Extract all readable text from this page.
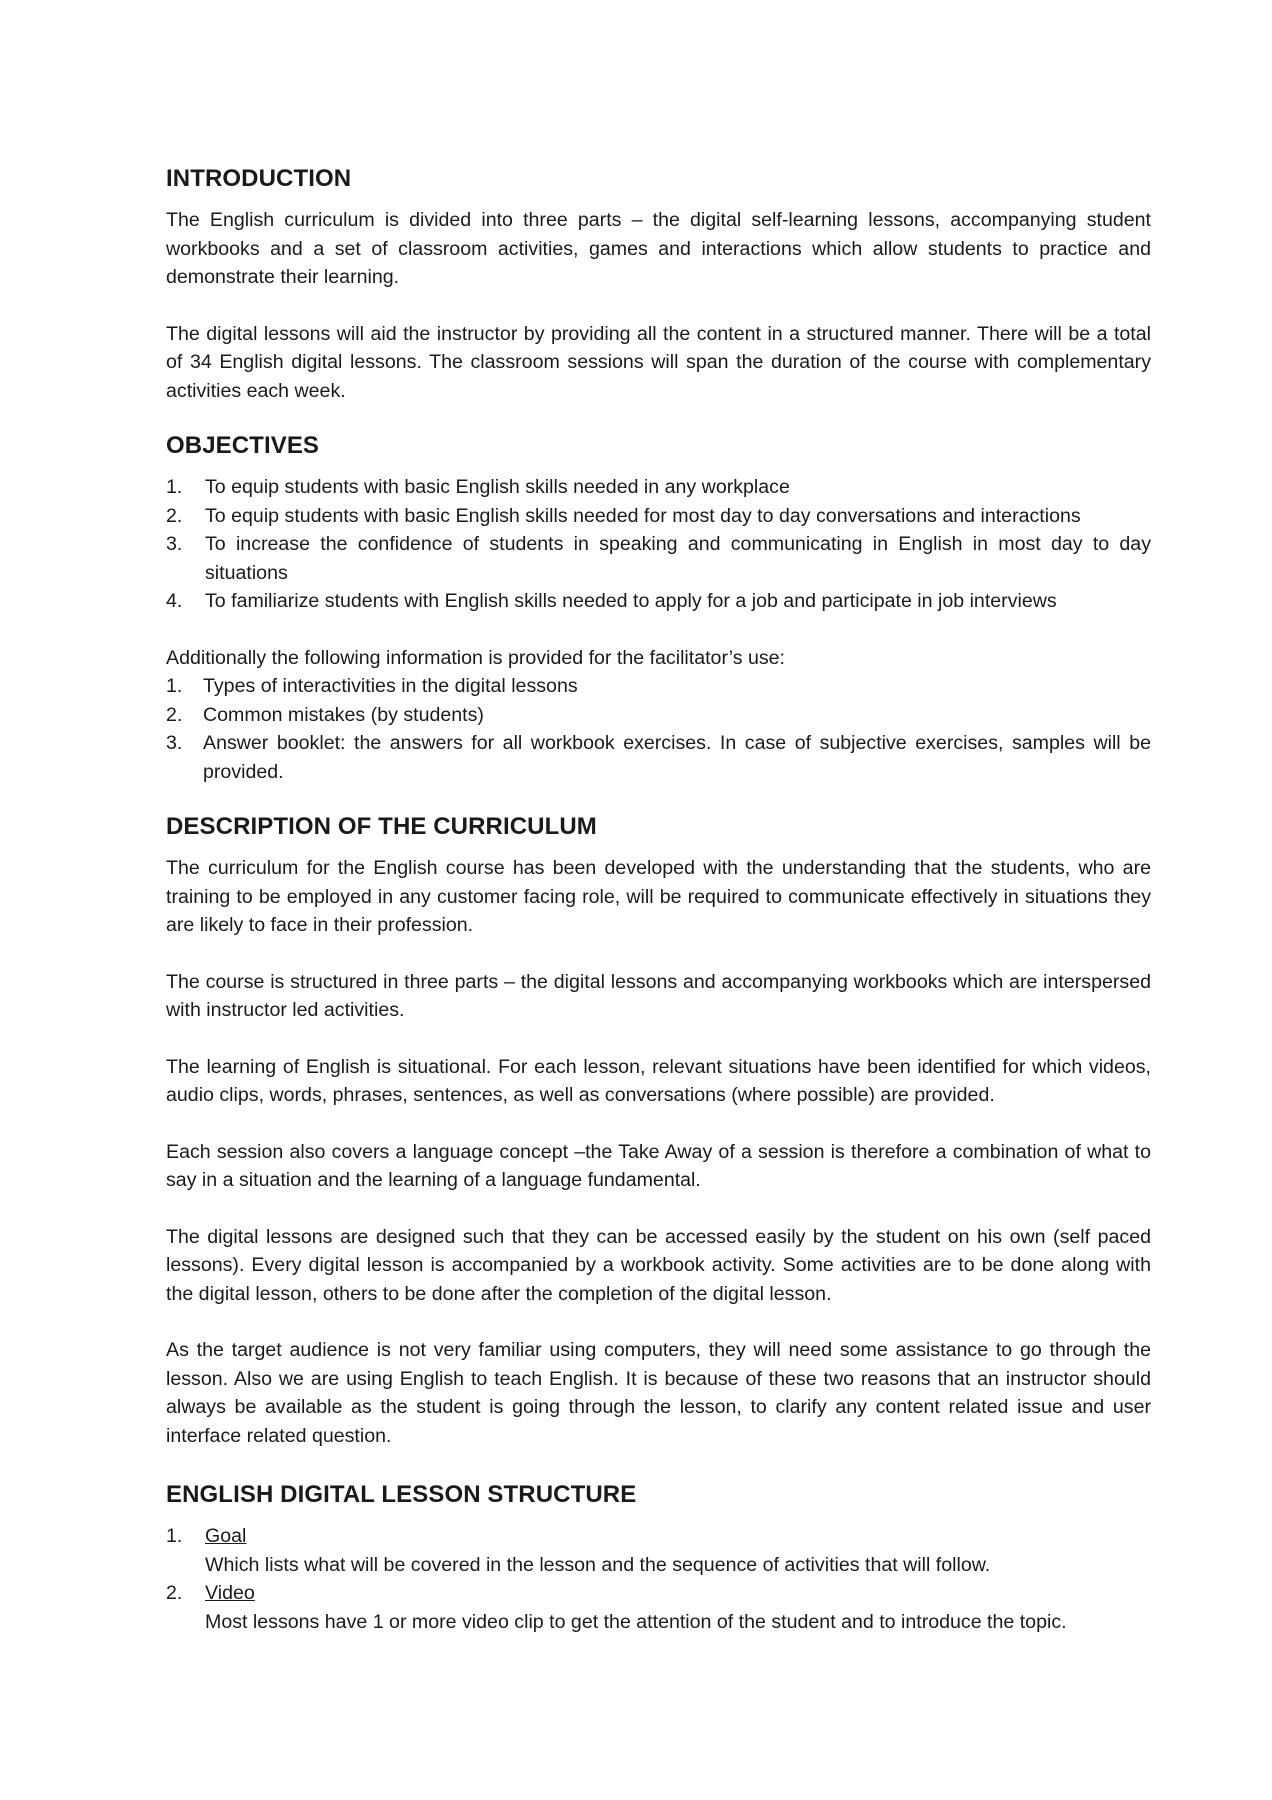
INTRODUCTION

The English curriculum is divided into three parts – the digital self-learning lessons, accompanying student workbooks and a set of classroom activities, games and interactions which allow students to practice and demonstrate their learning.

The digital lessons will aid the instructor by providing all the content in a structured manner. There will be a total of 34 English digital lessons. The classroom sessions will span the duration of the course with complementary activities each week.

OBJECTIVES
1. To equip students with basic English skills needed in any workplace
2. To equip students with basic English skills needed for most day to day conversations and interactions
3. To increase the confidence of students in speaking and communicating in English in most day to day situations
4. To familiarize students with English skills needed to apply for a job and participate in job interviews

Additionally the following information is provided for the facilitator’s use:

1. Types of interactivities in the digital lessons
2. Common mistakes (by students)
3. Answer booklet: the answers for all workbook exercises. In case of subjective exercises, samples will be provided.
DESCRIPTION OF THE CURRICULUM

The curriculum for the English course has been developed with the understanding that the students, who are training to be employed in any customer facing role, will be required to communicate effectively in situations they are likely to face in their profession.

The course is structured in three parts – the digital lessons and accompanying workbooks which are interspersed with instructor led activities.

The learning of English is situational. For each lesson, relevant situations have been identified for which videos, audio clips, words, phrases, sentences, as well as conversations (where possible) are provided.

Each session also covers a language concept –the Take Away of a session is therefore a combination of what to say in a situation and the learning of a language fundamental.

The digital lessons are designed such that they can be accessed easily by the student on his own (self paced lessons). Every digital lesson is accompanied by a workbook activity. Some activities are to be done along with the digital lesson, others to be done after the completion of the digital lesson.

As the target audience is not very familiar using computers, they will need some assistance to go through the lesson. Also we are using English to teach English. It is because of these two reasons that an instructor should always be available as the student is going through the lesson, to clarify any content related issue and user interface related question.

ENGLISH DIGITAL LESSON STRUCTURE
1. Goal
Which lists what will be covered in the lesson and the sequence of activities that will follow.
2. Video
Most lessons have 1 or more video clip to get the attention of the student and to introduce the topic.
